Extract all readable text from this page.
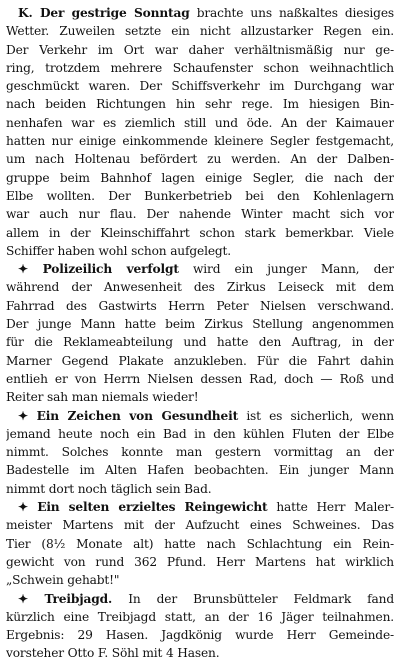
K. Der gestrige Sonntag brachte uns naßkaltes diesiges
Wetter. Zuweilen setzte ein nicht allzustarker Regen ein.
Der Verkehr im Ort war daher verhältnismäßig nur ge-
ring, trotzdem mehrere Schaufenster schon weihnachtlich
geschmückt waren. Der Schiffsverkehr im Durchgang war
nach beiden Richtungen hin sehr rege. Im hiesigen Bin-
nenhafen war es ziemlich still und öde. An der Kaimauer
hatten nur einige einkommende kleinere Segler festgemacht,
um nach Holtenau befördert zu werden. An der Dalben-
gruppe beim Bahnhof lagen einige Segler, die nach der
Elbe wollten. Der Bunkerbetrieb bei den Kohlenlagern
war auch nur flau. Der nahende Winter macht sich vor
allem in der Kleinschiffahrt schon stark bemerkbar. Viele
Schiffer haben wohl schon aufgelegt.
✦ Polizeilich verfolgt wird ein junger Mann, der
während der Anwesenheit des Zirkus Leiseck mit dem
Fahrrad des Gastwirts Herrn Peter Nielsen verschwand.
Der junge Mann hatte beim Zirkus Stellung angenommen
für die Reklameabteilung und hatte den Auftrag, in der
Marner Gegend Plakate anzukleben. Für die Fahrt dahin
entlieh er von Herrn Nielsen dessen Rad, doch — Roß und
Reiter sah man niemals wieder!
✦ Ein Zeichen von Gesundheit ist es sicherlich, wenn
jemand heute noch ein Bad in den kühlen Fluten der Elbe
nimmt. Solches konnte man gestern vormittag an der
Badestelle im Alten Hafen beobachten. Ein junger Mann
nimmt dort noch täglich sein Bad.
✦ Ein selten erzieltes Reingewicht hatte Herr Maler-
meister Martens mit der Aufzucht eines Schweines. Das
Tier (8½ Monate alt) hatte nach Schlachtung ein Rein-
gewicht von rund 362 Pfund. Herr Martens hat wirklich
„Schwein gehabt!"
✦ Treibjagd. In der Brunsbütteler Feldmark fand
kürzlich eine Treibjagd statt, an der 16 Jäger teilnahmen.
Ergebnis: 29 Hasen. Jagdkönig wurde Herr Gemeinde-
vorsteher Otto F. Söhl mit 4 Hasen.
